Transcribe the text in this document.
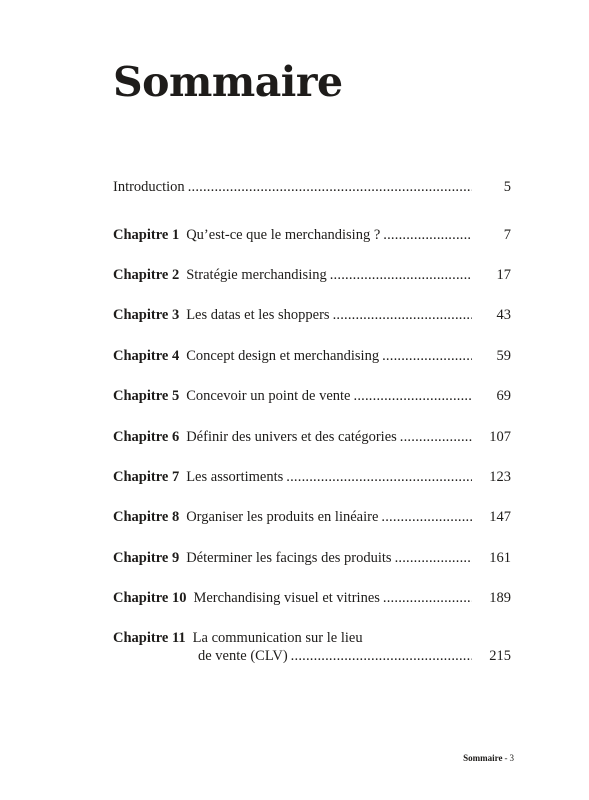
Sommaire
Introduction .....	5
Chapitre 1 Qu’est-ce que le merchandising ? .....	7
Chapitre 2 Stratégie merchandising .....	17
Chapitre 3 Les datas et les shoppers .....	43
Chapitre 4 Concept design et merchandising .....	59
Chapitre 5 Concevoir un point de vente .....	69
Chapitre 6 Définir des univers et des catégories .....	107
Chapitre 7 Les assortiments .....	123
Chapitre 8 Organiser les produits en linéaire .....	147
Chapitre 9 Déterminer les facings des produits .....	161
Chapitre 10 Merchandising visuel et vitrines .....	189
Chapitre 11 La communication sur le lieu
de vente (CLV) .....	215
Sommaire - 3
